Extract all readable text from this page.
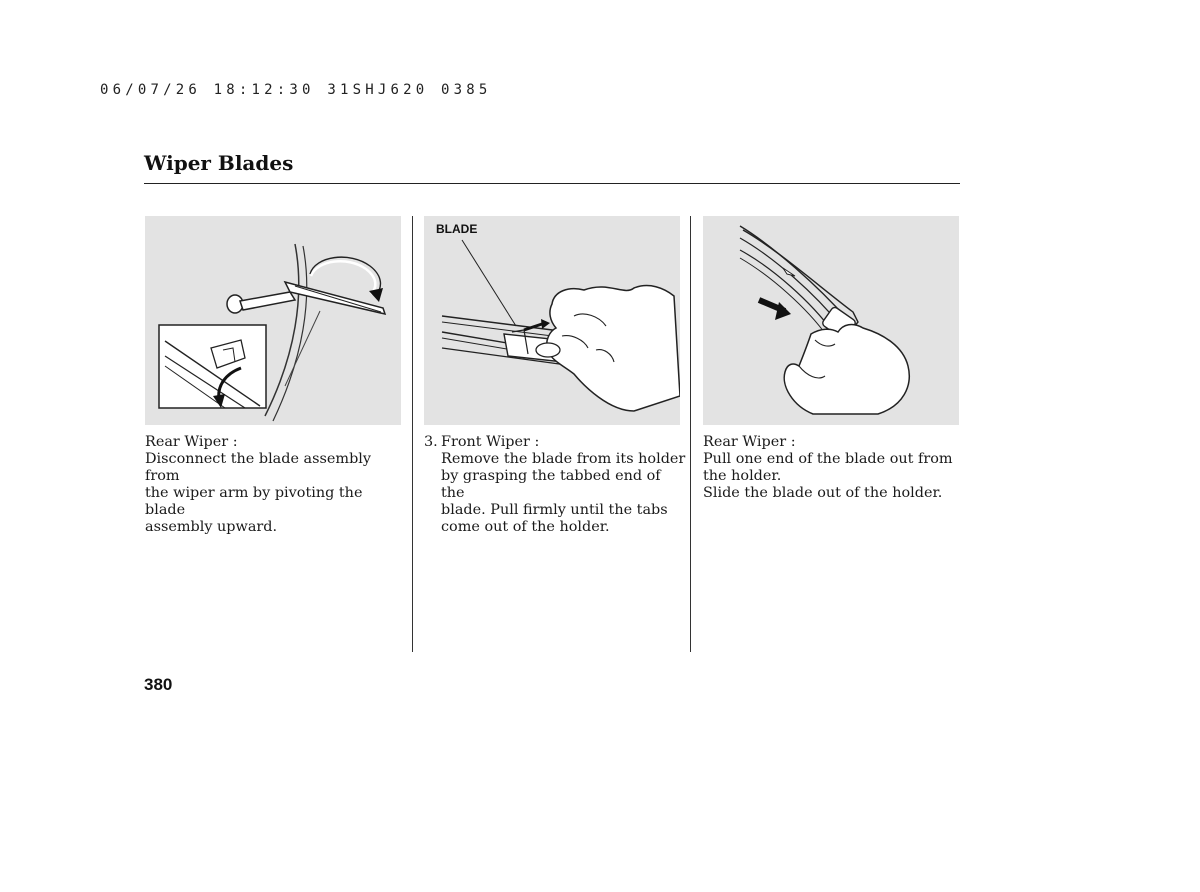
06/07/26 18:12:30 31SHJ620 0385
Wiper Blades
BLADE

Rear Wiper :

Disconnect the blade assembly from

the wiper arm by pivoting the blade

assembly upward.

3. Front Wiper :

Remove the blade from its holder

by grasping the tabbed end of the

blade. Pull firmly until the tabs

come out of the holder.

Rear Wiper :

Pull one end of the blade out from

the holder.

Slide the blade out of the holder.

380
